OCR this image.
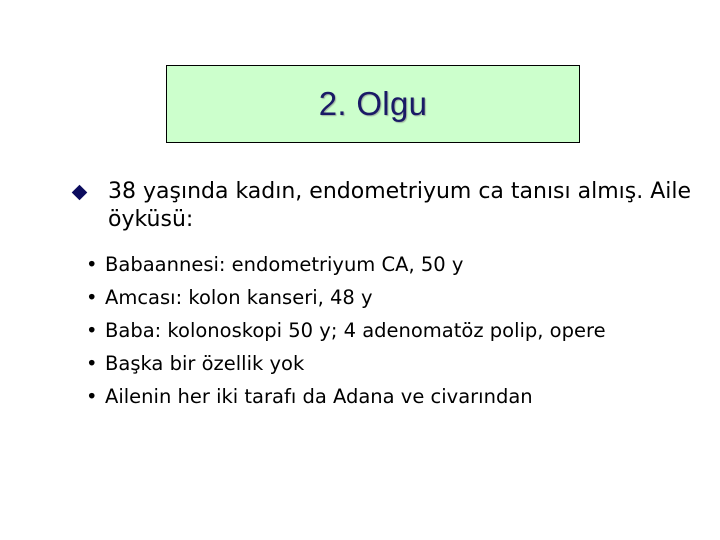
2. Olgu
38 yaşında kadın, endometriyum ca tanısı almış. Aile öyküsü:
• Babaannesi: endometriyum CA, 50 y
• Amcası: kolon kanseri, 48 y
• Baba: kolonoskopi 50 y; 4 adenomatöz polip, opere
• Başka bir özellik yok
• Ailenin her iki tarafı da Adana ve civarından
